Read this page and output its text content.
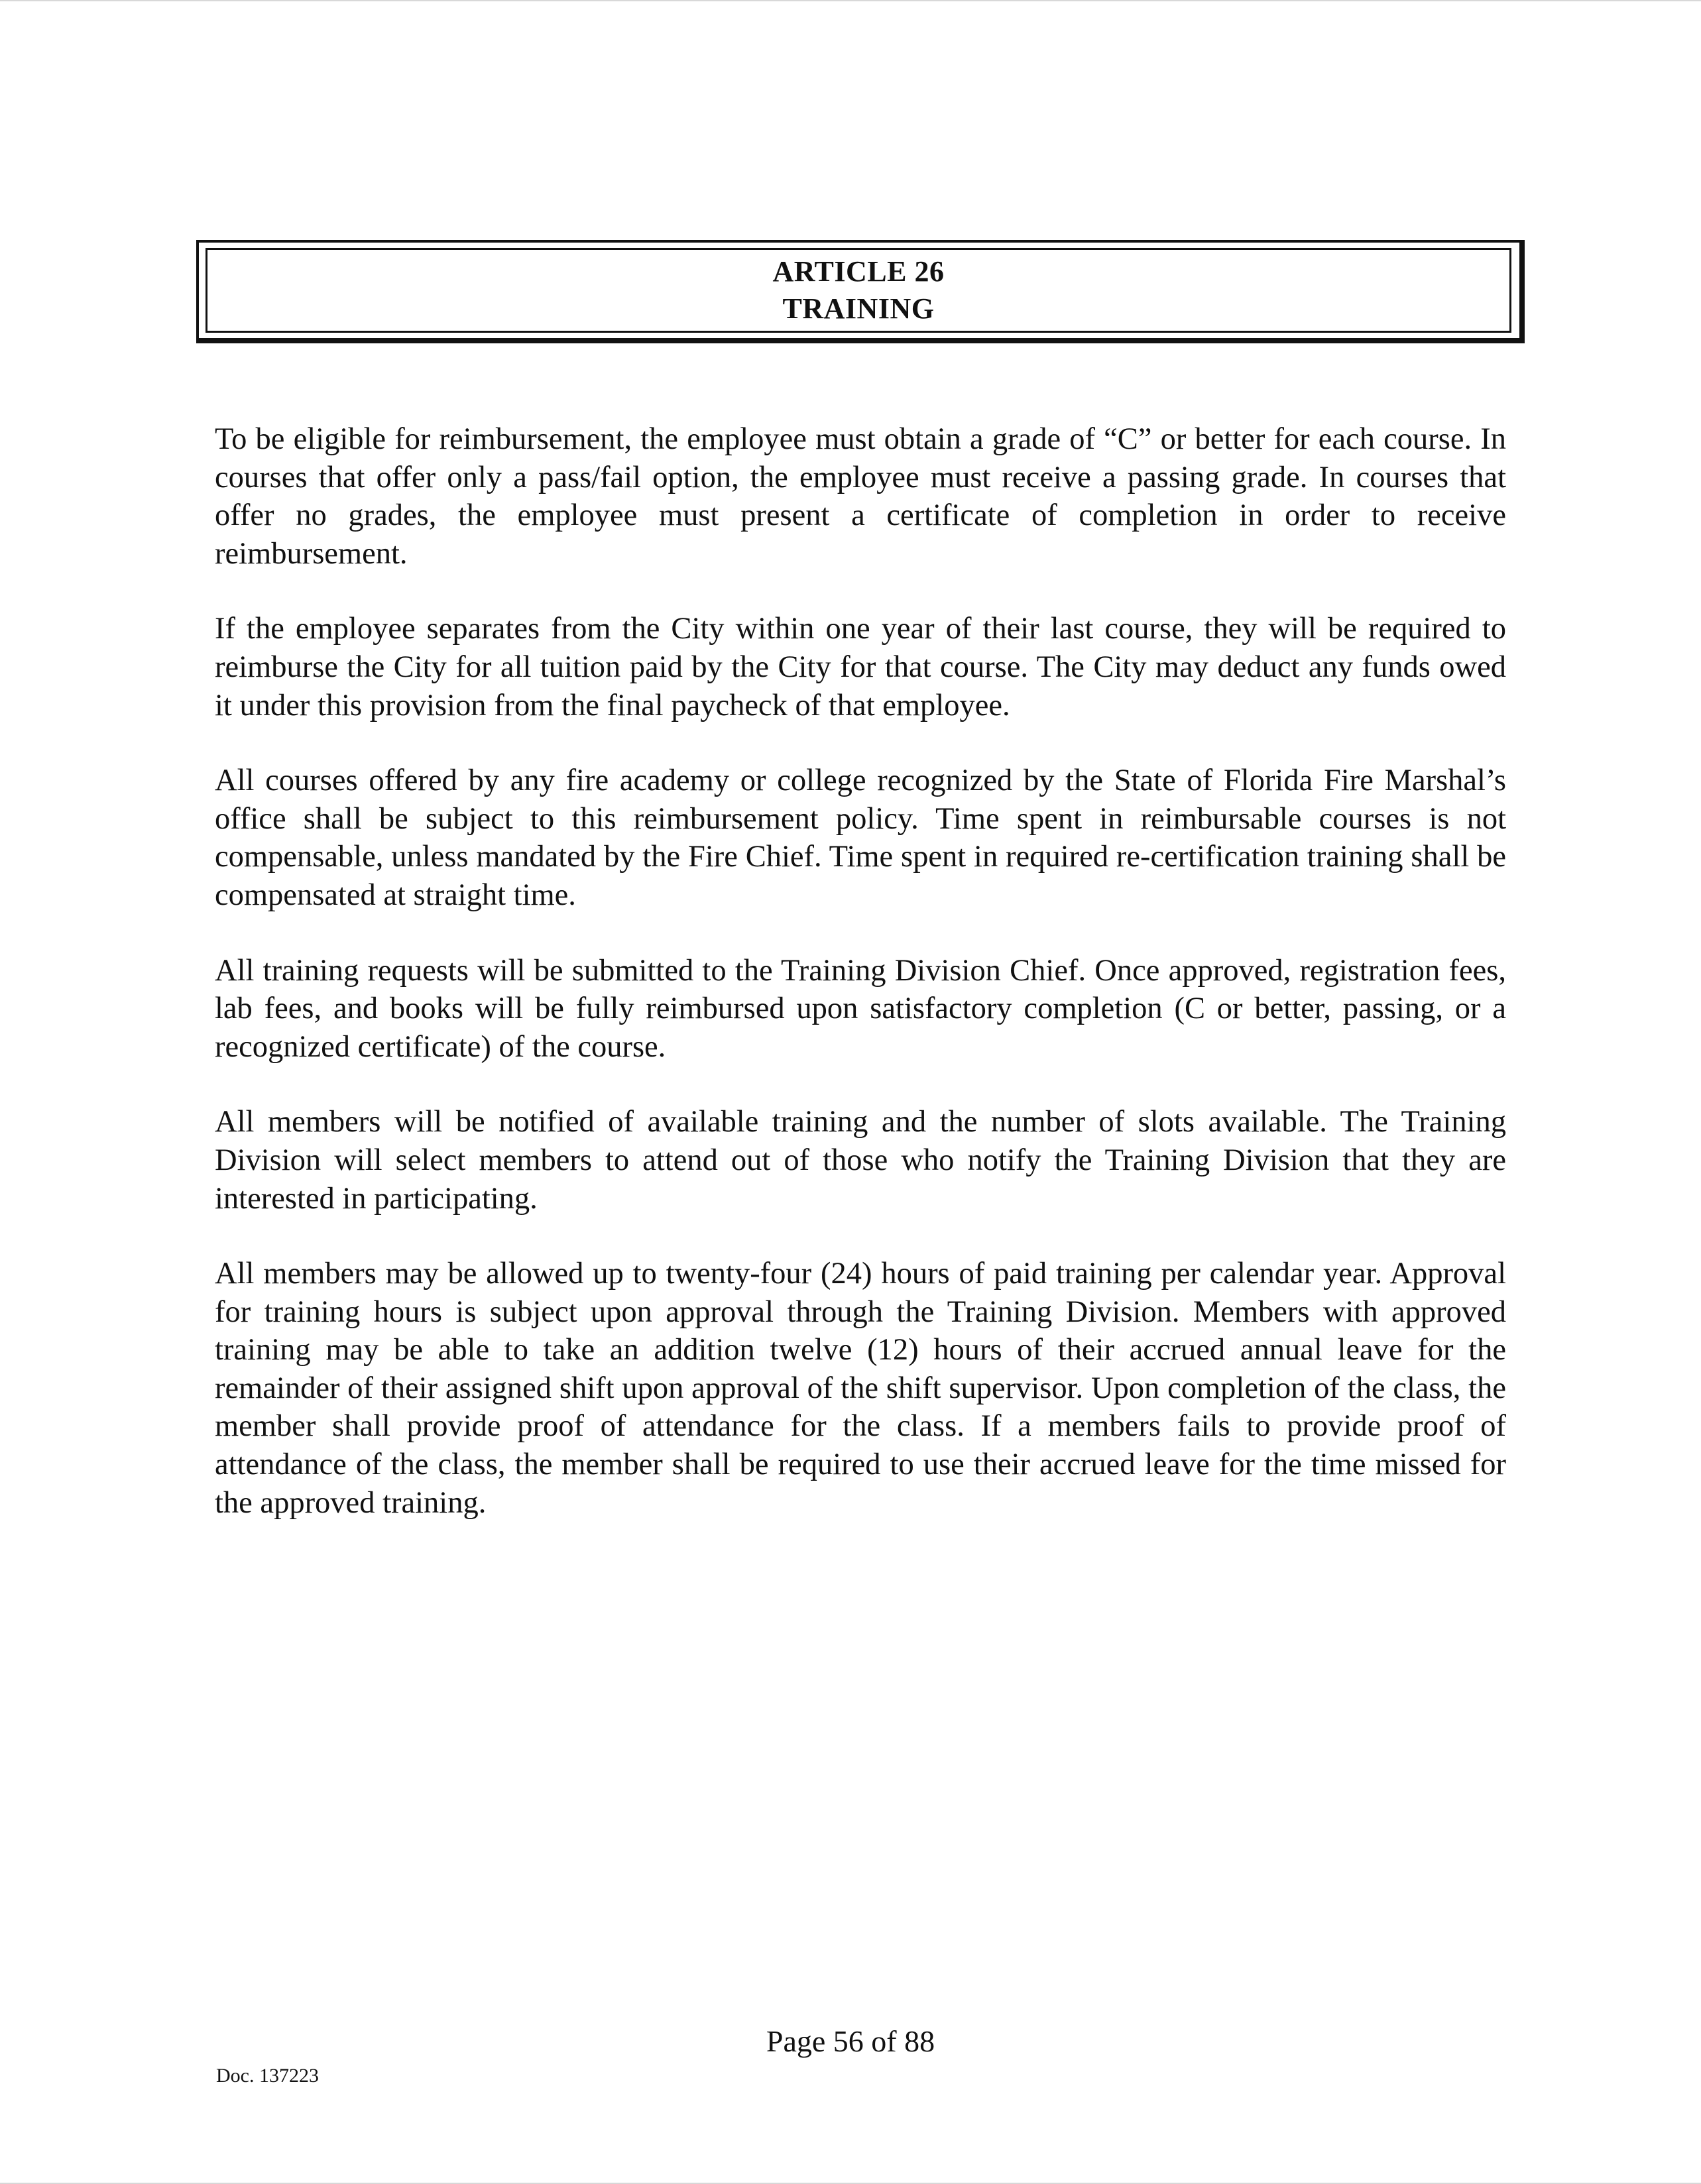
ARTICLE 26
TRAINING

To be eligible for reimbursement, the employee must obtain a grade of “C” or better for each course. In courses that offer only a pass/fail option, the employee must receive a passing grade. In courses that offer no grades, the employee must present a certificate of completion in order to receive reimbursement.

If the employee separates from the City within one year of their last course, they will be required to reimburse the City for all tuition paid by the City for that course. The City may deduct any funds owed it under this provision from the final paycheck of that employee.

All courses offered by any fire academy or college recognized by the State of Florida Fire Marshal’s office shall be subject to this reimbursement policy. Time spent in reimbursable courses is not compensable, unless mandated by the Fire Chief. Time spent in required re-certification training shall be compensated at straight time.

All training requests will be submitted to the Training Division Chief. Once approved, registration fees, lab fees, and books will be fully reimbursed upon satisfactory completion (C or better, passing, or a recognized certificate) of the course.

All members will be notified of available training and the number of slots available. The Training Division will select members to attend out of those who notify the Training Division that they are interested in participating.

All members may be allowed up to twenty-four (24) hours of paid training per calendar year. Approval for training hours is subject upon approval through the Training Division. Members with approved training may be able to take an addition twelve (12) hours of their accrued annual leave for the remainder of their assigned shift upon approval of the shift supervisor. Upon completion of the class, the member shall provide proof of attendance for the class. If a members fails to provide proof of attendance of the class, the member shall be required to use their accrued leave for the time missed for the approved training.

Page 56 of 88
Doc. 137223
